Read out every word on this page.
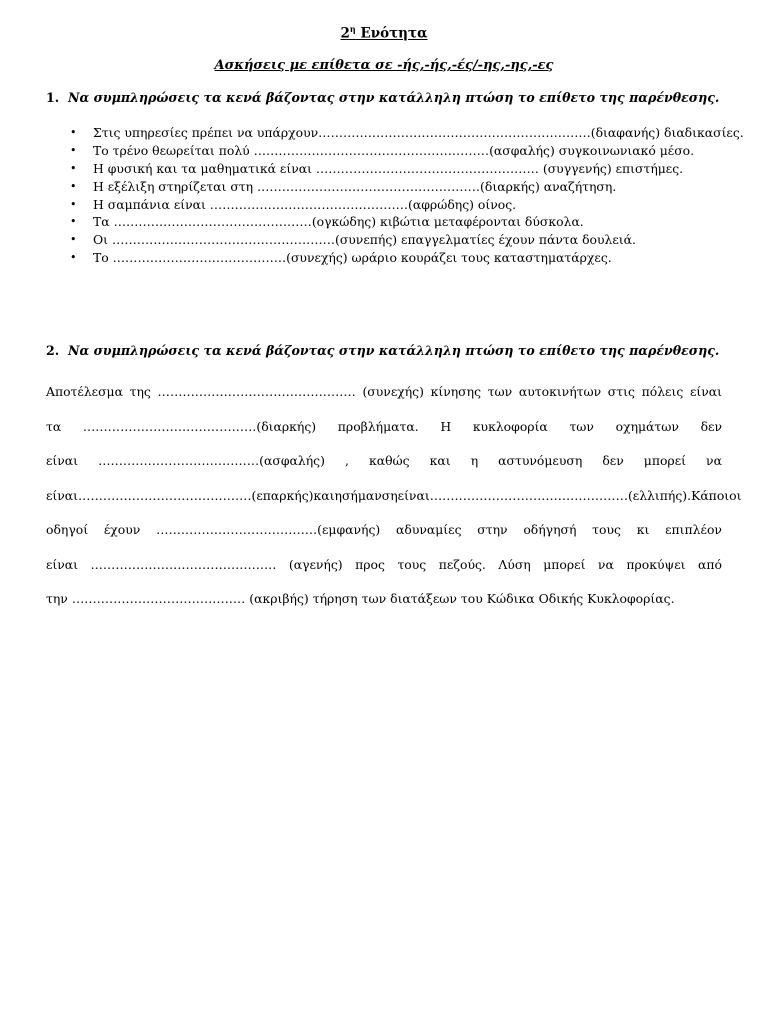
$2^\eta$ Ενότητα
Ασκήσεις με επίθετα σε -ής,-ής,-ές/-ης,-ης,-ες
1. Να συμπληρώσεις τα κενά βάζοντας στην κατάλληλη πτώση το επίθετο της παρένθεσης.
•	Στις υπηρεσίες πρέπει να υπάρχουν…………………………………………………………(διαφανής) διαδικασίες.
•	Το τρένο θεωρείται πολύ …………………………………………………(ασφαλής) συγκοινωνιακό μέσο.
•	Η φυσική και τα μαθηματικά είναι ……………………………………………… (συγγενής) επιστήμες.
•	Η εξέλιξη στηρίζεται στη ………………………………………………(διαρκής) αναζήτηση.
•	Η σαμπάνια είναι …………………………………………(αφρώδης) οίνος.
•	Τα …………………………………………(ογκώδης) κιβώτια μεταφέρονται δύσκολα.
•	Οι ………………………………………………(συνεπής) επαγγελματίες έχουν πάντα δουλειά.
•	Το ……………………………………(συνεχής) ωράριο κουράζει τους καταστηματάρχες.
2. Να συμπληρώσεις τα κενά βάζοντας στην κατάλληλη πτώση το επίθετο της παρένθεσης.
Αποτέλεσμα της ………………………………………… (συνεχής) κίνησης των αυτοκινήτων στις πόλεις είναι
τα ……………………………………(διαρκής) προβλήματα. Η κυκλοφορία των οχημάτων δεν
είναι …………………………………(ασφαλής) , καθώς και η αστυνόμευση δεν μπορεί να
είναι …………………………………… (επαρκής) και η σήμανση είναι …………………………………………(ελλιπής). Κάποιοι
οδηγοί έχουν …………………………………(εμφανής) αδυναμίες στην οδήγησή τους κι επιπλέον
είναι ……………………………………… (αγενής) προς τους πεζούς. Λύση μπορεί να προκύψει από
την …………………………………… (ακριβής) τήρηση των διατάξεων του Κώδικα Οδικής Κυκλοφορίας.
